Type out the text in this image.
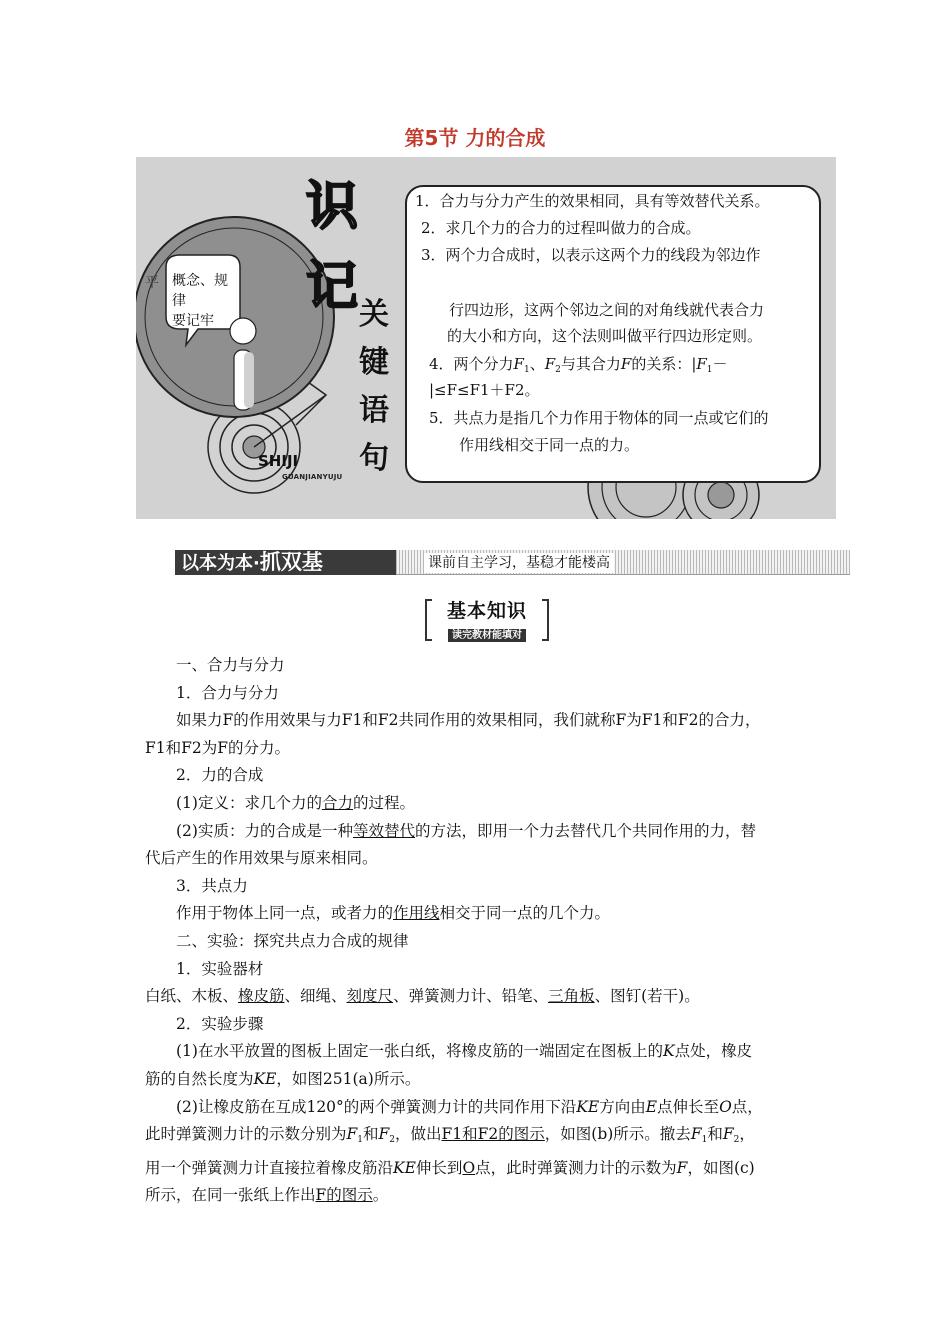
第5节 力的合成
平 概念、规律
要记牢
识
记 关
键
语
句
SHIJI
GUANJIANYUJU
1．合力与分力产生的效果相同，具有等效替代关系。
2．求几个力的合力的过程叫做力的合成。
3．两个力合成时，以表示这两个力的线段为邻边作
行四边形，这两个邻边之间的对角线就代表合力
的大小和方向，这个法则叫做平行四边形定则。
4．两个分力$F_1$、$F_2$与其合力F的关系：$|F_1-$
|≤F≤F1＋F2。
5．共点力是指几个力作用于物体的同一点或它们的
作用线相交于同一点的力。
以本为本·抓双基	课前自主学习，基稳才能楼高
基本知识
读完教材能填对

一、合力与分力

1．合力与分力

如果力F的作用效果与力F1和F2共同作用的效果相同，我们就称F为F1和F2的合力，

F1和F2为F的分力。

2．力的合成

(1)定义：求几个力的合力的过程。

(2)实质：力的合成是一种等效替代的方法，即用一个力去替代几个共同作用的力，替

代后产生的作用效果与原来相同。

3．共点力

作用于物体上同一点，或者力的作用线相交于同一点的几个力。

二、实验：探究共点力合成的规律

1．实验器材

白纸、木板、橡皮筋、细绳、刻度尺、弹簧测力计、铅笔、三角板、图钉(若干)。

2．实验步骤

(1)在水平放置的图板上固定一张白纸，将橡皮筋的一端固定在图板上的K点处，橡皮

筋的自然长度为KE，如图251(a)所示。

(2)让橡皮筋在互成120°的两个弹簧测力计的共同作用下沿KE方向由E点伸长至O点，

此时弹簧测力计的示数分别为$F_1$和$F_2$，做出F1和F2的图示，如图(b)所示。撤去$F_1$和$F_2$，

用一个弹簧测力计直接拉着橡皮筋沿KE伸长到O点，此时弹簧测力计的示数为F，如图(c)

所示，在同一张纸上作出F的图示。
